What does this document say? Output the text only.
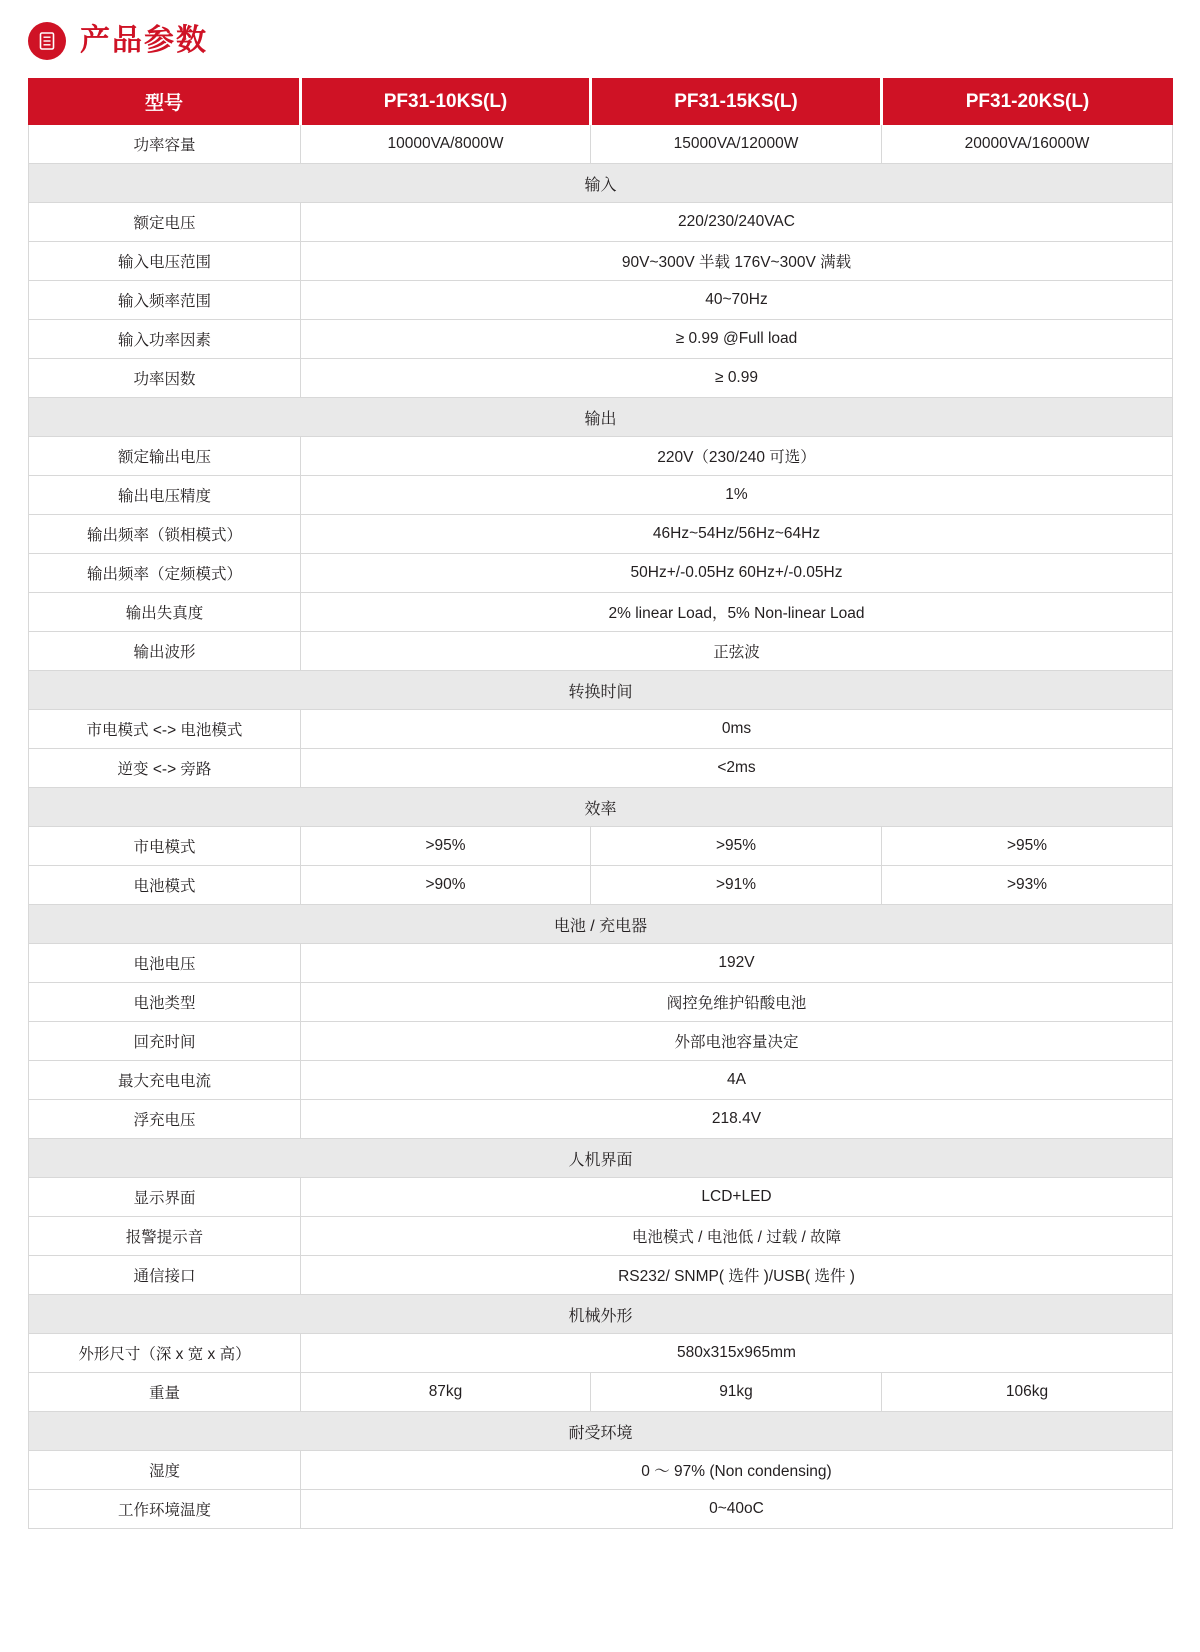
产品参数
型号	PF31-10KS(L)	PF31-15KS(L)	PF31-20KS(L)
功率容量	10000VA/8000W	15000VA/12000W	20000VA/16000W
输入			
额定电压	220/230/240VAC		
输入电压范围	90V~300V 半载 176V~300V 满载		
输入频率范围	40~70Hz		
输入功率因素	≥ 0.99 @Full load		
功率因数	≥ 0.99		
输出			
额定输出电压	220V（230/240 可选）		
输出电压精度	1%		
输出频率（锁相模式）	46Hz~54Hz/56Hz~64Hz		
输出频率（定频模式）	50Hz+/-0.05Hz 60Hz+/-0.05Hz		
输出失真度	2% linear Load，5% Non-linear Load		
输出波形	正弦波		
转换时间			
市电模式 <-> 电池模式	0ms		
逆变 <-> 旁路	<2ms		
效率			
市电模式	>95%	>95%	>95%
电池模式	>90%	>91%	>93%
电池 / 充电器			
电池电压	192V		
电池类型	阀控免维护铅酸电池		
回充时间	外部电池容量决定		
最大充电电流	4A		
浮充电压	218.4V		
人机界面			
显示界面	LCD+LED		
报警提示音	电池模式 / 电池低 / 过载 / 故障		
通信接口	RS232/ SNMP( 选件 )/USB( 选件 )		
机械外形			
外形尺寸（深 x 宽 x 高）	580x315x965mm		
重量	87kg	91kg	106kg
耐受环境			
湿度	0 ～ 97% (Non condensing)		
工作环境温度	0~40oC		
